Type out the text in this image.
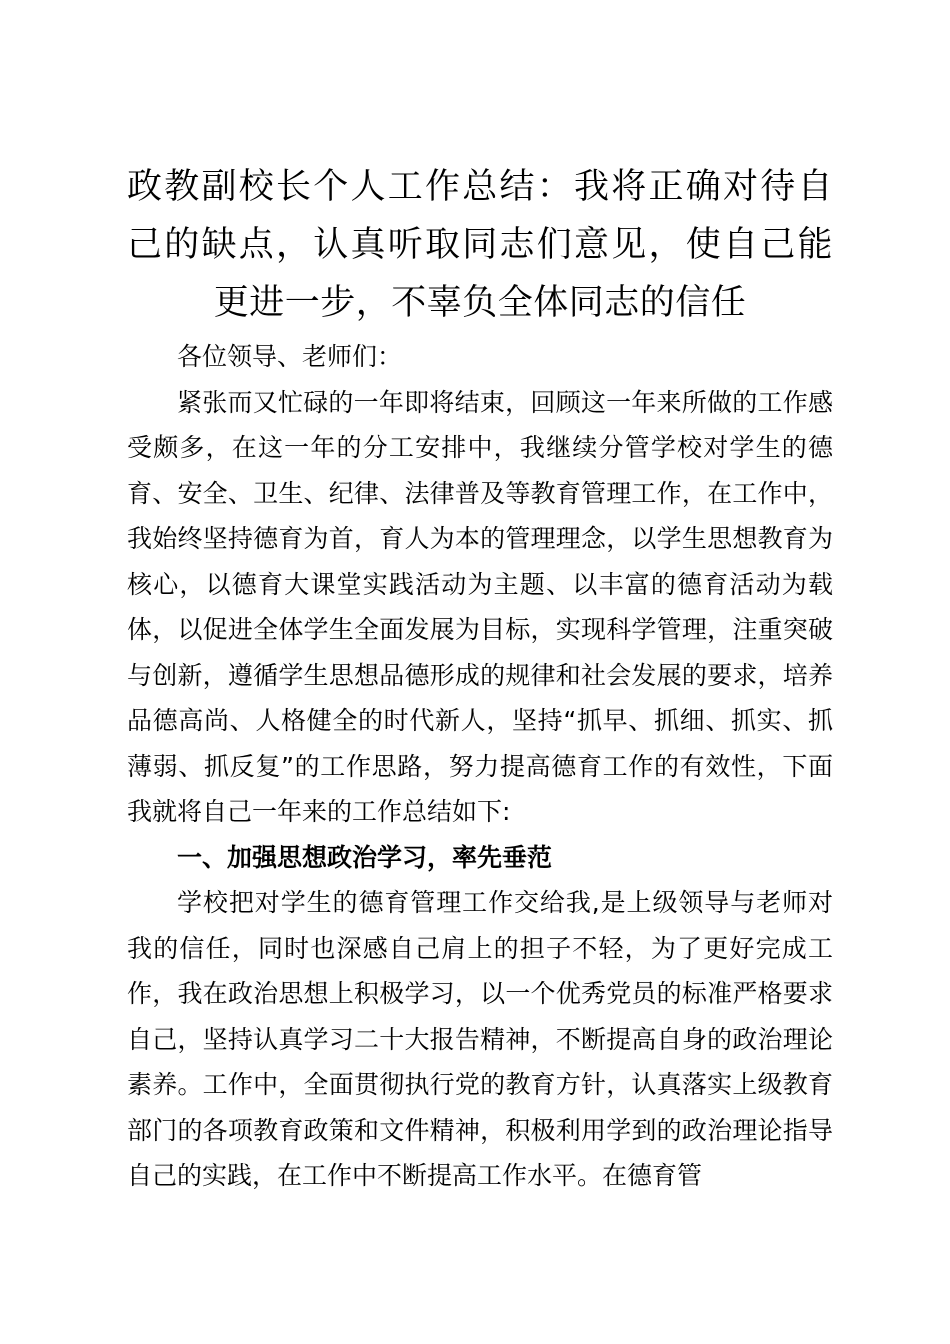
政教副校长个人工作总结：我将正确对待自己的缺点，认真听取同志们意见，使自己能更进一步，不辜负全体同志的信任

各位领导、老师们：

紧张而又忙碌的一年即将结束，回顾这一年来所做的工作感受颇多，在这一年的分工安排中，我继续分管学校对学生的德育、安全、卫生、纪律、法律普及等教育管理工作，在工作中，我始终坚持德育为首，育人为本的管理理念，以学生思想教育为核心，以德育大课堂实践活动为主题、以丰富的德育活动为载体，以促进全体学生全面发展为目标，实现科学管理，注重突破与创新，遵循学生思想品德形成的规律和社会发展的要求，培养品德高尚、人格健全的时代新人，坚持“抓早、抓细、抓实、抓薄弱、抓反复”的工作思路，努力提高德育工作的有效性，下面我就将自己一年来的工作总结如下:

一、加强思想政治学习，率先垂范

学校把对学生的德育管理工作交给我,是上级领导与老师对我的信任，同时也深感自己肩上的担子不轻，为了更好完成工作，我在政治思想上积极学习，以一个优秀党员的标准严格要求自己，坚持认真学习二十大报告精神，不断提高自身的政治理论素养。工作中，全面贯彻执行党的教育方针，认真落实上级教育部门的各项教育政策和文件精神，积极利用学到的政治理论指导自己的实践，在工作中不断提高工作水平。在德育管
